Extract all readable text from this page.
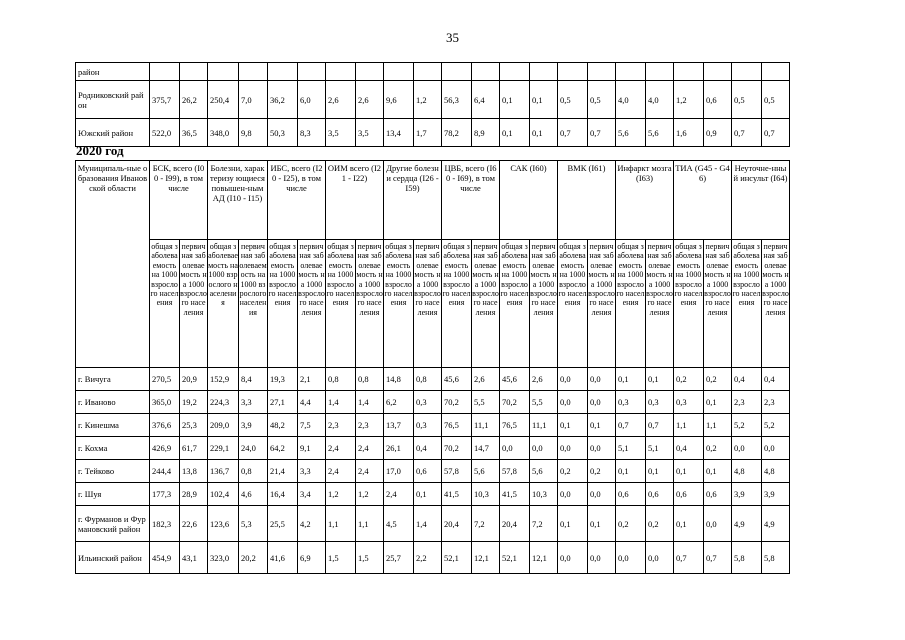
35
район																						
Родниковский район	375,7	26,2	250,4	7,0	36,2	6,0	2,6	2,6	9,6	1,2	56,3	6,4	0,1	0,1	0,5	0,5	4,0	4,0	1,2	0,6	0,5	0,5
Южский район	522,0	36,5	348,0	9,8	50,3	8,3	3,5	3,5	13,4	1,7	78,2	8,9	0,1	0,1	0,7	0,7	5,6	5,6	1,6	0,9	0,7	0,7
2020 год
Муниципаль-ные образования Ивановской области	БСК, всего (I00 - I99), в том числе		Болезни, характеризу ющиеся повышен-ным АД (I10 - I15)		ИБС, всего (I20 - I25), в том числе		ОИМ всего (I21 - I22)		Другие болезни сердца (I26 - I59)		ЦВБ, всего (I60 - I69), в том числе		САК (I60)		ВМК (I61)		Инфаркт мозга (I63)		ТИА (G45 - G46)		Неуточне-нный инсульт (I64)	

	общая заболеваемость на 1000 взрослого населения	первичная заболеваемость на 1000 взрослого населения	общая заболеваемость на 1000 взрослого населения	первичная заболеваемость на 1000 взрослого населения	общая заболеваемость на 1000 взрослого населения	первичная заболеваемость на 1000 взрослого населения	общая заболеваемость на 1000 взрослого населения	первичная заболеваемость на 1000 взрослого населения	общая заболеваемость на 1000 взрослого населения	первичная заболеваемость на 1000 взрослого населения	общая заболеваемость на 1000 взрослого населения	первичная заболеваемость на 1000 взрослого населения	общая заболеваемость на 1000 взрослого населения	первичная заболеваемость на 1000 взрослого населения	общая заболеваемость на 1000 взрослого населения	первичная заболеваемость на 1000 взрослого населения	общая заболеваемость на 1000 взрослого населения	первичная заболеваемость на 1000 взрослого населения	общая заболеваемость на 1000 взрослого населения	первичная заболеваемость на 1000 взрослого населения	общая заболеваемость на 1000 взрослого населения	первичная заболеваемость на 1000 взрослого населения
г. Вичуга	270,5	20,9	152,9	8,4	19,3	2,1	0,8	0,8	14,8	0,8	45,6	2,6	45,6	2,6	0,0	0,0	0,1	0,1	0,2	0,2	0,4	0,4
г. Иваново	365,0	19,2	224,3	3,3	27,1	4,4	1,4	1,4	6,2	0,3	70,2	5,5	70,2	5,5	0,0	0,0	0,3	0,3	0,3	0,1	2,3	2,3
г. Кинешма	376,6	25,3	209,0	3,9	48,2	7,5	2,3	2,3	13,7	0,3	76,5	11,1	76,5	11,1	0,1	0,1	0,7	0,7	1,1	1,1	5,2	5,2
г. Кохма	426,9	61,7	229,1	24,0	64,2	9,1	2,4	2,4	26,1	0,4	70,2	14,7	0,0	0,0	0,0	0,0	5,1	5,1	0,4	0,2	0,0	0,0
г. Тейково	244,4	13,8	136,7	0,8	21,4	3,3	2,4	2,4	17,0	0,6	57,8	5,6	57,8	5,6	0,2	0,2	0,1	0,1	0,1	0,1	4,8	4,8
г. Шуя	177,3	28,9	102,4	4,6	16,4	3,4	1,2	1,2	2,4	0,1	41,5	10,3	41,5	10,3	0,0	0,0	0,6	0,6	0,6	0,6	3,9	3,9
г. Фурманов и Фурмановский район	182,3	22,6	123,6	5,3	25,5	4,2	1,1	1,1	4,5	1,4	20,4	7,2	20,4	7,2	0,1	0,1	0,2	0,2	0,1	0,0	4,9	4,9
Ильинский район	454,9	43,1	323,0	20,2	41,6	6,9	1,5	1,5	25,7	2,2	52,1	12,1	52,1	12,1	0,0	0,0	0,0	0,0	0,7	0,7	5,8	5,8
